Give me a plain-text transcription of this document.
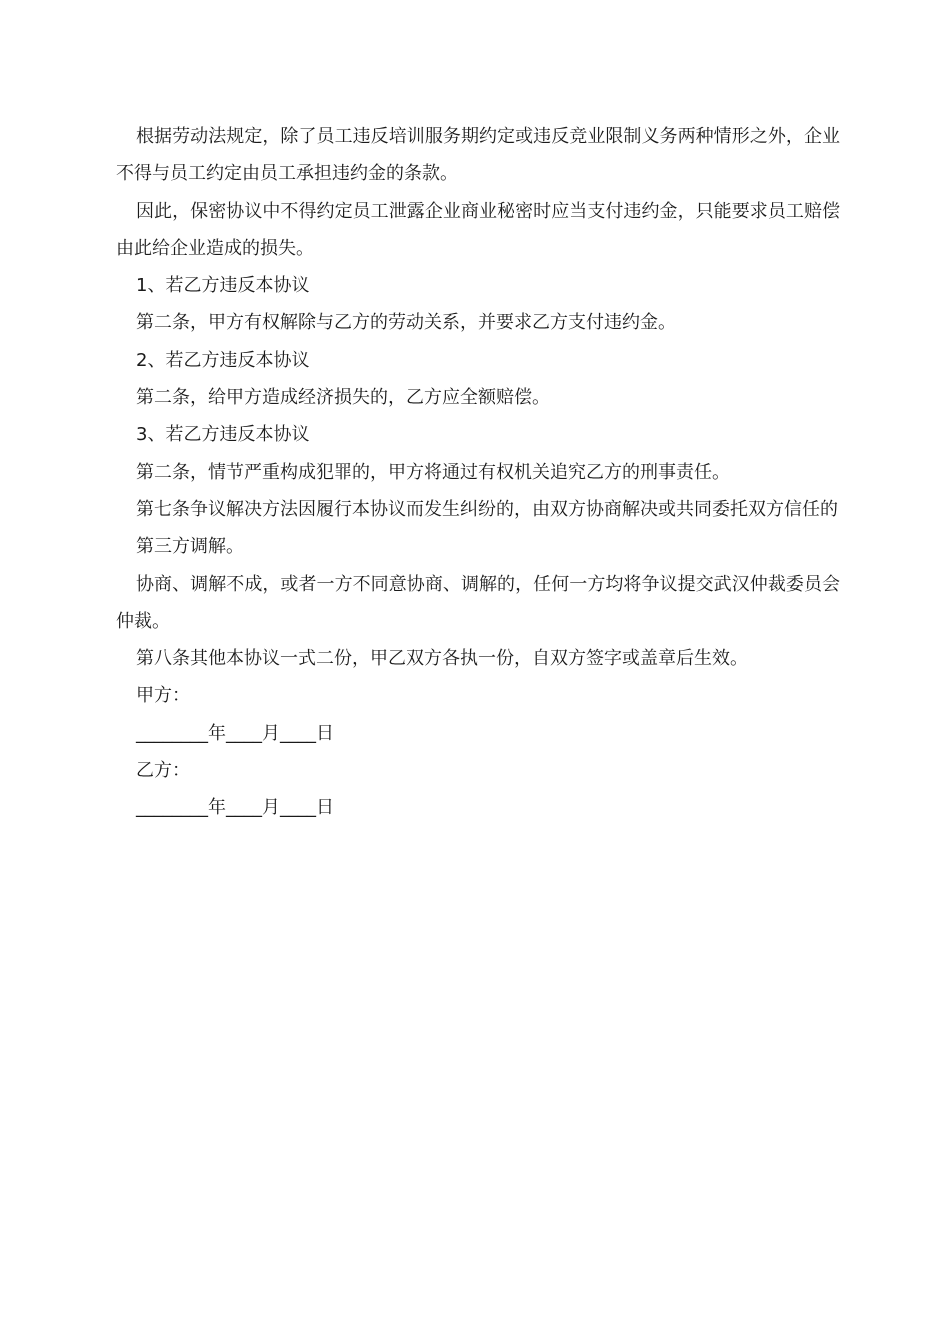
根据劳动法规定，除了员工违反培训服务期约定或违反竞业限制义务两种情形之外，企业不得与员工约定由员工承担违约金的条款。

因此，保密协议中不得约定员工泄露企业商业秘密时应当支付违约金，只能要求员工赔偿由此给企业造成的损失。

1、若乙方违反本协议

第二条，甲方有权解除与乙方的劳动关系，并要求乙方支付违约金。

2、若乙方违反本协议

第二条，给甲方造成经济损失的，乙方应全额赔偿。

3、若乙方违反本协议

第二条，情节严重构成犯罪的，甲方将通过有权机关追究乙方的刑事责任。

第七条争议解决方法因履行本协议而发生纠纷的，由双方协商解决或共同委托双方信任的

第三方调解。

协商、调解不成，或者一方不同意协商、调解的，任何一方均将争议提交武汉仲裁委员会仲裁。

第八条其他本协议一式二份，甲乙双方各执一份，自双方签字或盖章后生效。

甲方：

________年____月____日

乙方：

________年____月____日
